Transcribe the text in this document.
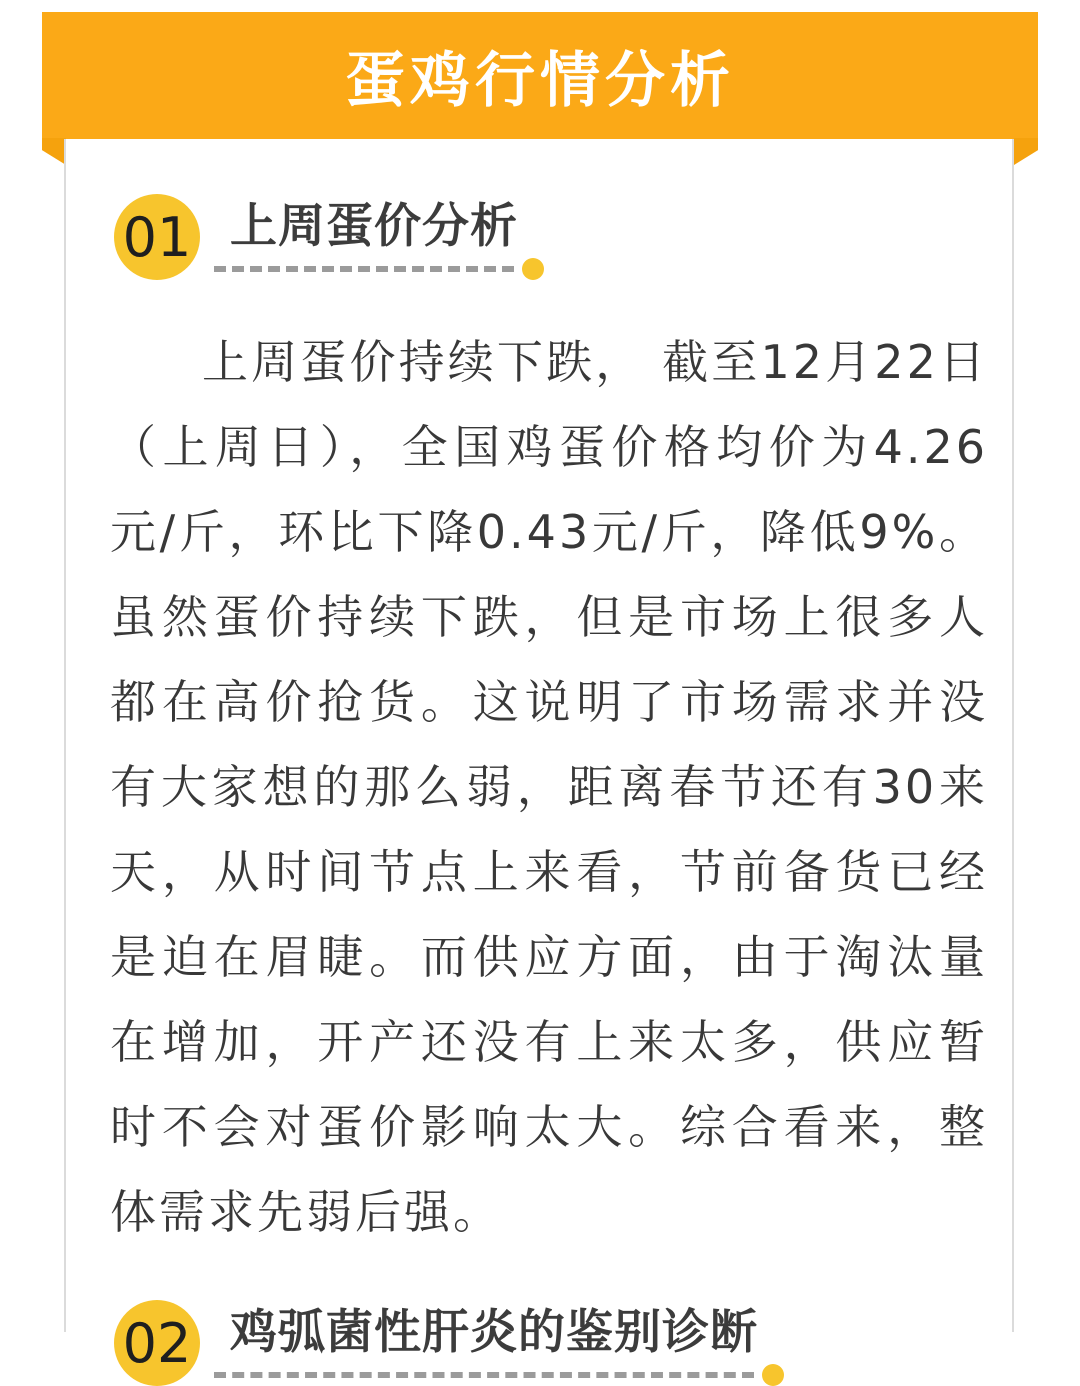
蛋鸡行情分析
01 上周蛋价分析
上周蛋价持续下跌， 截至12月22日（上周日），全国鸡蛋价格均价为4.26元/斤，环比下降0.43元/斤，降低9%。 虽然蛋价持续下跌，但是市场上很多人都在高价抢货。这说明了市场需求并没有大家想的那么弱，距离春节还有30来天，从时间节点上来看，节前备货已经是迫在眉睫。而供应方面，由于淘汰量在增加，开产还没有上来太多，供应暂时不会对蛋价影响太大。综合看来，整体需求先弱后强。
02 鸡弧菌性肝炎的鉴别诊断
